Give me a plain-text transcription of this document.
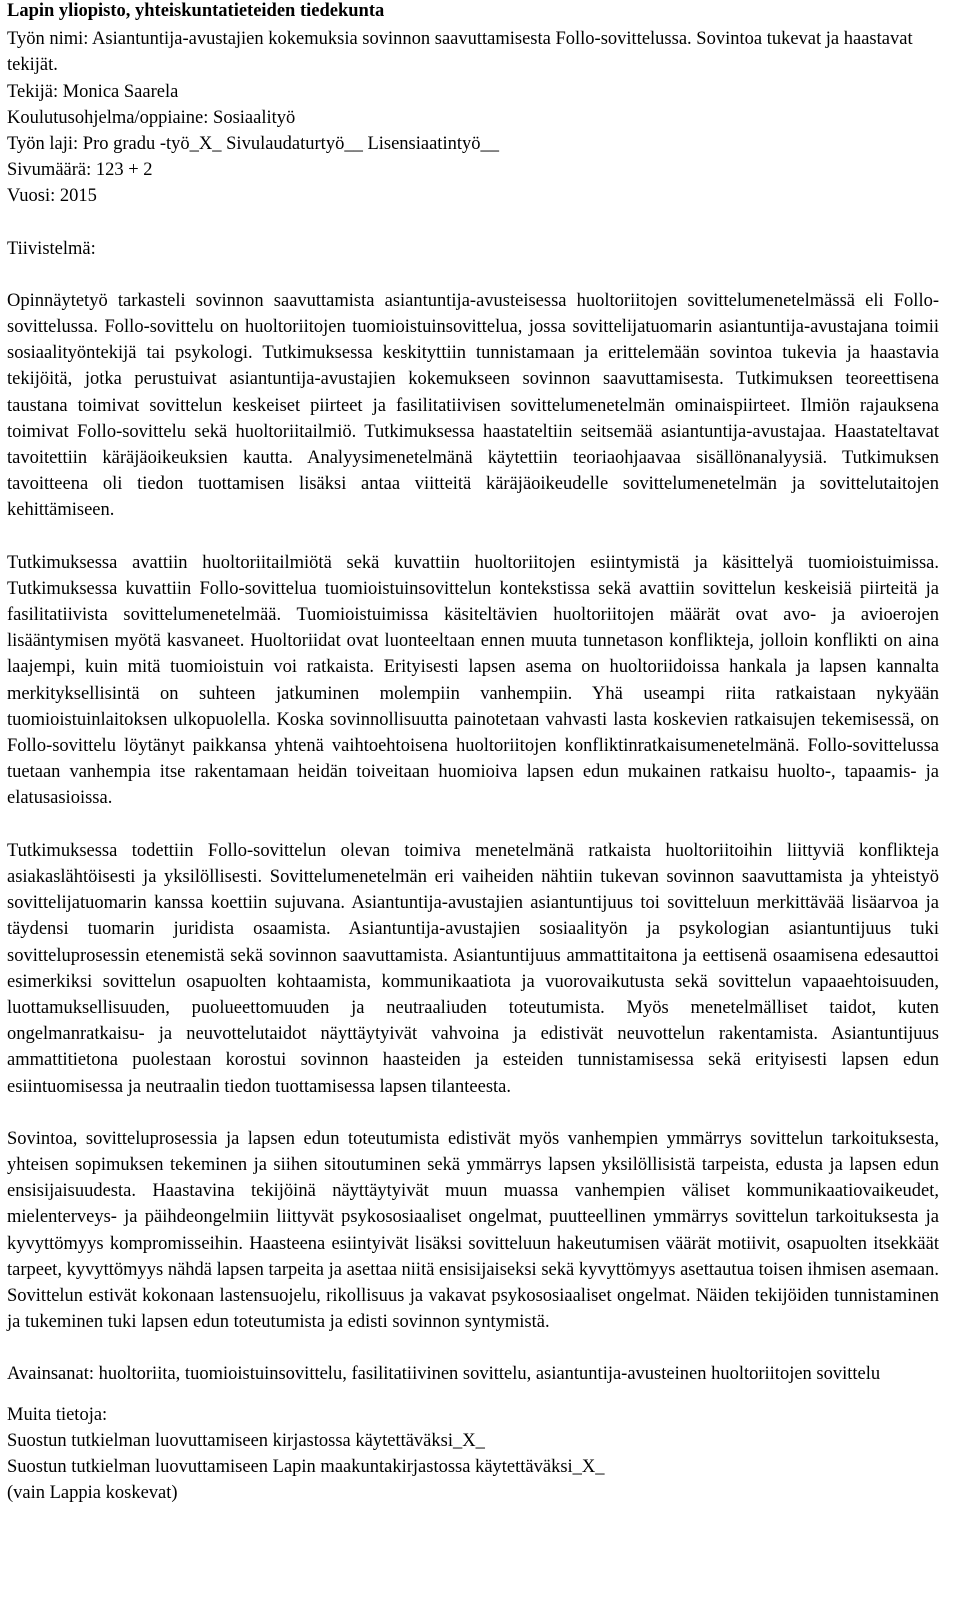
Lapin yliopisto, yhteiskuntatieteiden tiedekunta
Työn nimi: Asiantuntija-avustajien kokemuksia sovinnon saavuttamisesta Follo-sovittelussa. Sovintoa tukevat ja haastavat tekijät.
Tekijä: Monica Saarela
Koulutusohjelma/oppiaine: Sosiaalityö
Työn laji: Pro gradu -työ_X_ Sivulaudaturtyö__ Lisensiaatintyö__
Sivumäärä: 123 + 2
Vuosi: 2015
Tiivistelmä:

Opinnäytetyö tarkasteli sovinnon saavuttamista asiantuntija-avusteisessa huoltoriitojen sovittelumenetelmässä eli Follo-sovittelussa. Follo-sovittelu on huoltoriitojen tuomioistuinsovittelua, jossa sovittelijatuomarin asiantuntija-avustajana toimii sosiaalityöntekijä tai psykologi. Tutkimuksessa keskityttiin tunnistamaan ja erittelemään sovintoa tukevia ja haastavia tekijöitä, jotka perustuivat asiantuntija-avustajien kokemukseen sovinnon saavuttamisesta. Tutkimuksen teoreettisena taustana toimivat sovittelun keskeiset piirteet ja fasilitatiivisen sovittelumenetelmän ominaispiirteet. Ilmiön rajauksena toimivat Follo-sovittelu sekä huoltoriitailmiö. Tutkimuksessa haastateltiin seitsemää asiantuntija-avustajaa. Haastateltavat tavoitettiin käräjäoikeuksien kautta. Analyysimenetelmänä käytettiin teoriaohjaavaa sisällönanalyysiä. Tutkimuksen tavoitteena oli tiedon tuottamisen lisäksi antaa viitteitä käräjäoikeudelle sovittelumenetelmän ja sovittelutaitojen kehittämiseen.

Tutkimuksessa avattiin huoltoriitailmiötä sekä kuvattiin huoltoriitojen esiintymistä ja käsittelyä tuomioistuimissa. Tutkimuksessa kuvattiin Follo-sovittelua tuomioistuinsovittelun kontekstissa sekä avattiin sovittelun keskeisiä piirteitä ja fasilitatiivista sovittelumenetelmää. Tuomioistuimissa käsiteltävien huoltoriitojen määrät ovat avo- ja avioerojen lisääntymisen myötä kasvaneet. Huoltoriidat ovat luonteeltaan ennen muuta tunnetason konflikteja, jolloin konflikti on aina laajempi, kuin mitä tuomioistuin voi ratkaista. Erityisesti lapsen asema on huoltoriidoissa hankala ja lapsen kannalta merkityksellisintä on suhteen jatkuminen molempiin vanhempiin. Yhä useampi riita ratkaistaan nykyään tuomioistuinlaitoksen ulkopuolella. Koska sovinnollisuutta painotetaan vahvasti lasta koskevien ratkaisujen tekemisessä, on Follo-sovittelu löytänyt paikkansa yhtenä vaihtoehtoisena huoltoriitojen konfliktinratkaisumenetelmänä. Follo-sovittelussa tuetaan vanhempia itse rakentamaan heidän toiveitaan huomioiva lapsen edun mukainen ratkaisu huolto-, tapaamis- ja elatusasioissa.

Tutkimuksessa todettiin Follo-sovittelun olevan toimiva menetelmänä ratkaista huoltoriitoihin liittyviä konflikteja asiakaslähtöisesti ja yksilöllisesti. Sovittelumenetelmän eri vaiheiden nähtiin tukevan sovinnon saavuttamista ja yhteistyö sovittelijatuomarin kanssa koettiin sujuvana. Asiantuntija-avustajien asiantuntijuus toi sovitteluun merkittävää lisäarvoa ja täydensi tuomarin juridista osaamista. Asiantuntija-avustajien sosiaalityön ja psykologian asiantuntijuus tuki sovitteluprosessin etenemistä sekä sovinnon saavuttamista. Asiantuntijuus ammattitaitona ja eettisenä osaamisena edesauttoi esimerkiksi sovittelun osapuolten kohtaamista, kommunikaatiota ja vuorovaikutusta sekä sovittelun vapaaehtoisuuden, luottamuksellisuuden, puolueettomuuden ja neutraaliuden toteutumista. Myös menetelmälliset taidot, kuten ongelmanratkaisu- ja neuvottelutaidot näyttäytyivät vahvoina ja edistivät neuvottelun rakentamista. Asiantuntijuus ammattitietona puolestaan korostui sovinnon haasteiden ja esteiden tunnistamisessa sekä erityisesti lapsen edun esiintuomisessa ja neutraalin tiedon tuottamisessa lapsen tilanteesta.

Sovintoa, sovitteluprosessia ja lapsen edun toteutumista edistivät myös vanhempien ymmärrys sovittelun tarkoituksesta, yhteisen sopimuksen tekeminen ja siihen sitoutuminen sekä ymmärrys lapsen yksilöllisistä tarpeista, edusta ja lapsen edun ensisijaisuudesta. Haastavina tekijöinä näyttäytyivät muun muassa vanhempien väliset kommunikaatiovaikeudet, mielenterveys- ja päihdeongelmiin liittyvät psykososiaaliset ongelmat, puutteellinen ymmärrys sovittelun tarkoituksesta ja kyvyttömyys kompromisseihin. Haasteena esiintyivät lisäksi sovitteluun hakeutumisen väärät motiivit, osapuolten itsekkäät tarpeet, kyvyttömyys nähdä lapsen tarpeita ja asettaa niitä ensisijaiseksi sekä kyvyttömyys asettautua toisen ihmisen asemaan. Sovittelun estivät kokonaan lastensuojelu, rikollisuus ja vakavat psykososiaaliset ongelmat. Näiden tekijöiden tunnistaminen ja tukeminen tuki lapsen edun toteutumista ja edisti sovinnon syntymistä.

Avainsanat: huoltoriita, tuomioistuinsovittelu, fasilitatiivinen sovittelu, asiantuntija-avusteinen huoltoriitojen sovittelu

Muita tietoja:
Suostun tutkielman luovuttamiseen kirjastossa käytettäväksi_X_
Suostun tutkielman luovuttamiseen Lapin maakuntakirjastossa käytettäväksi_X_
(vain Lappia koskevat)
